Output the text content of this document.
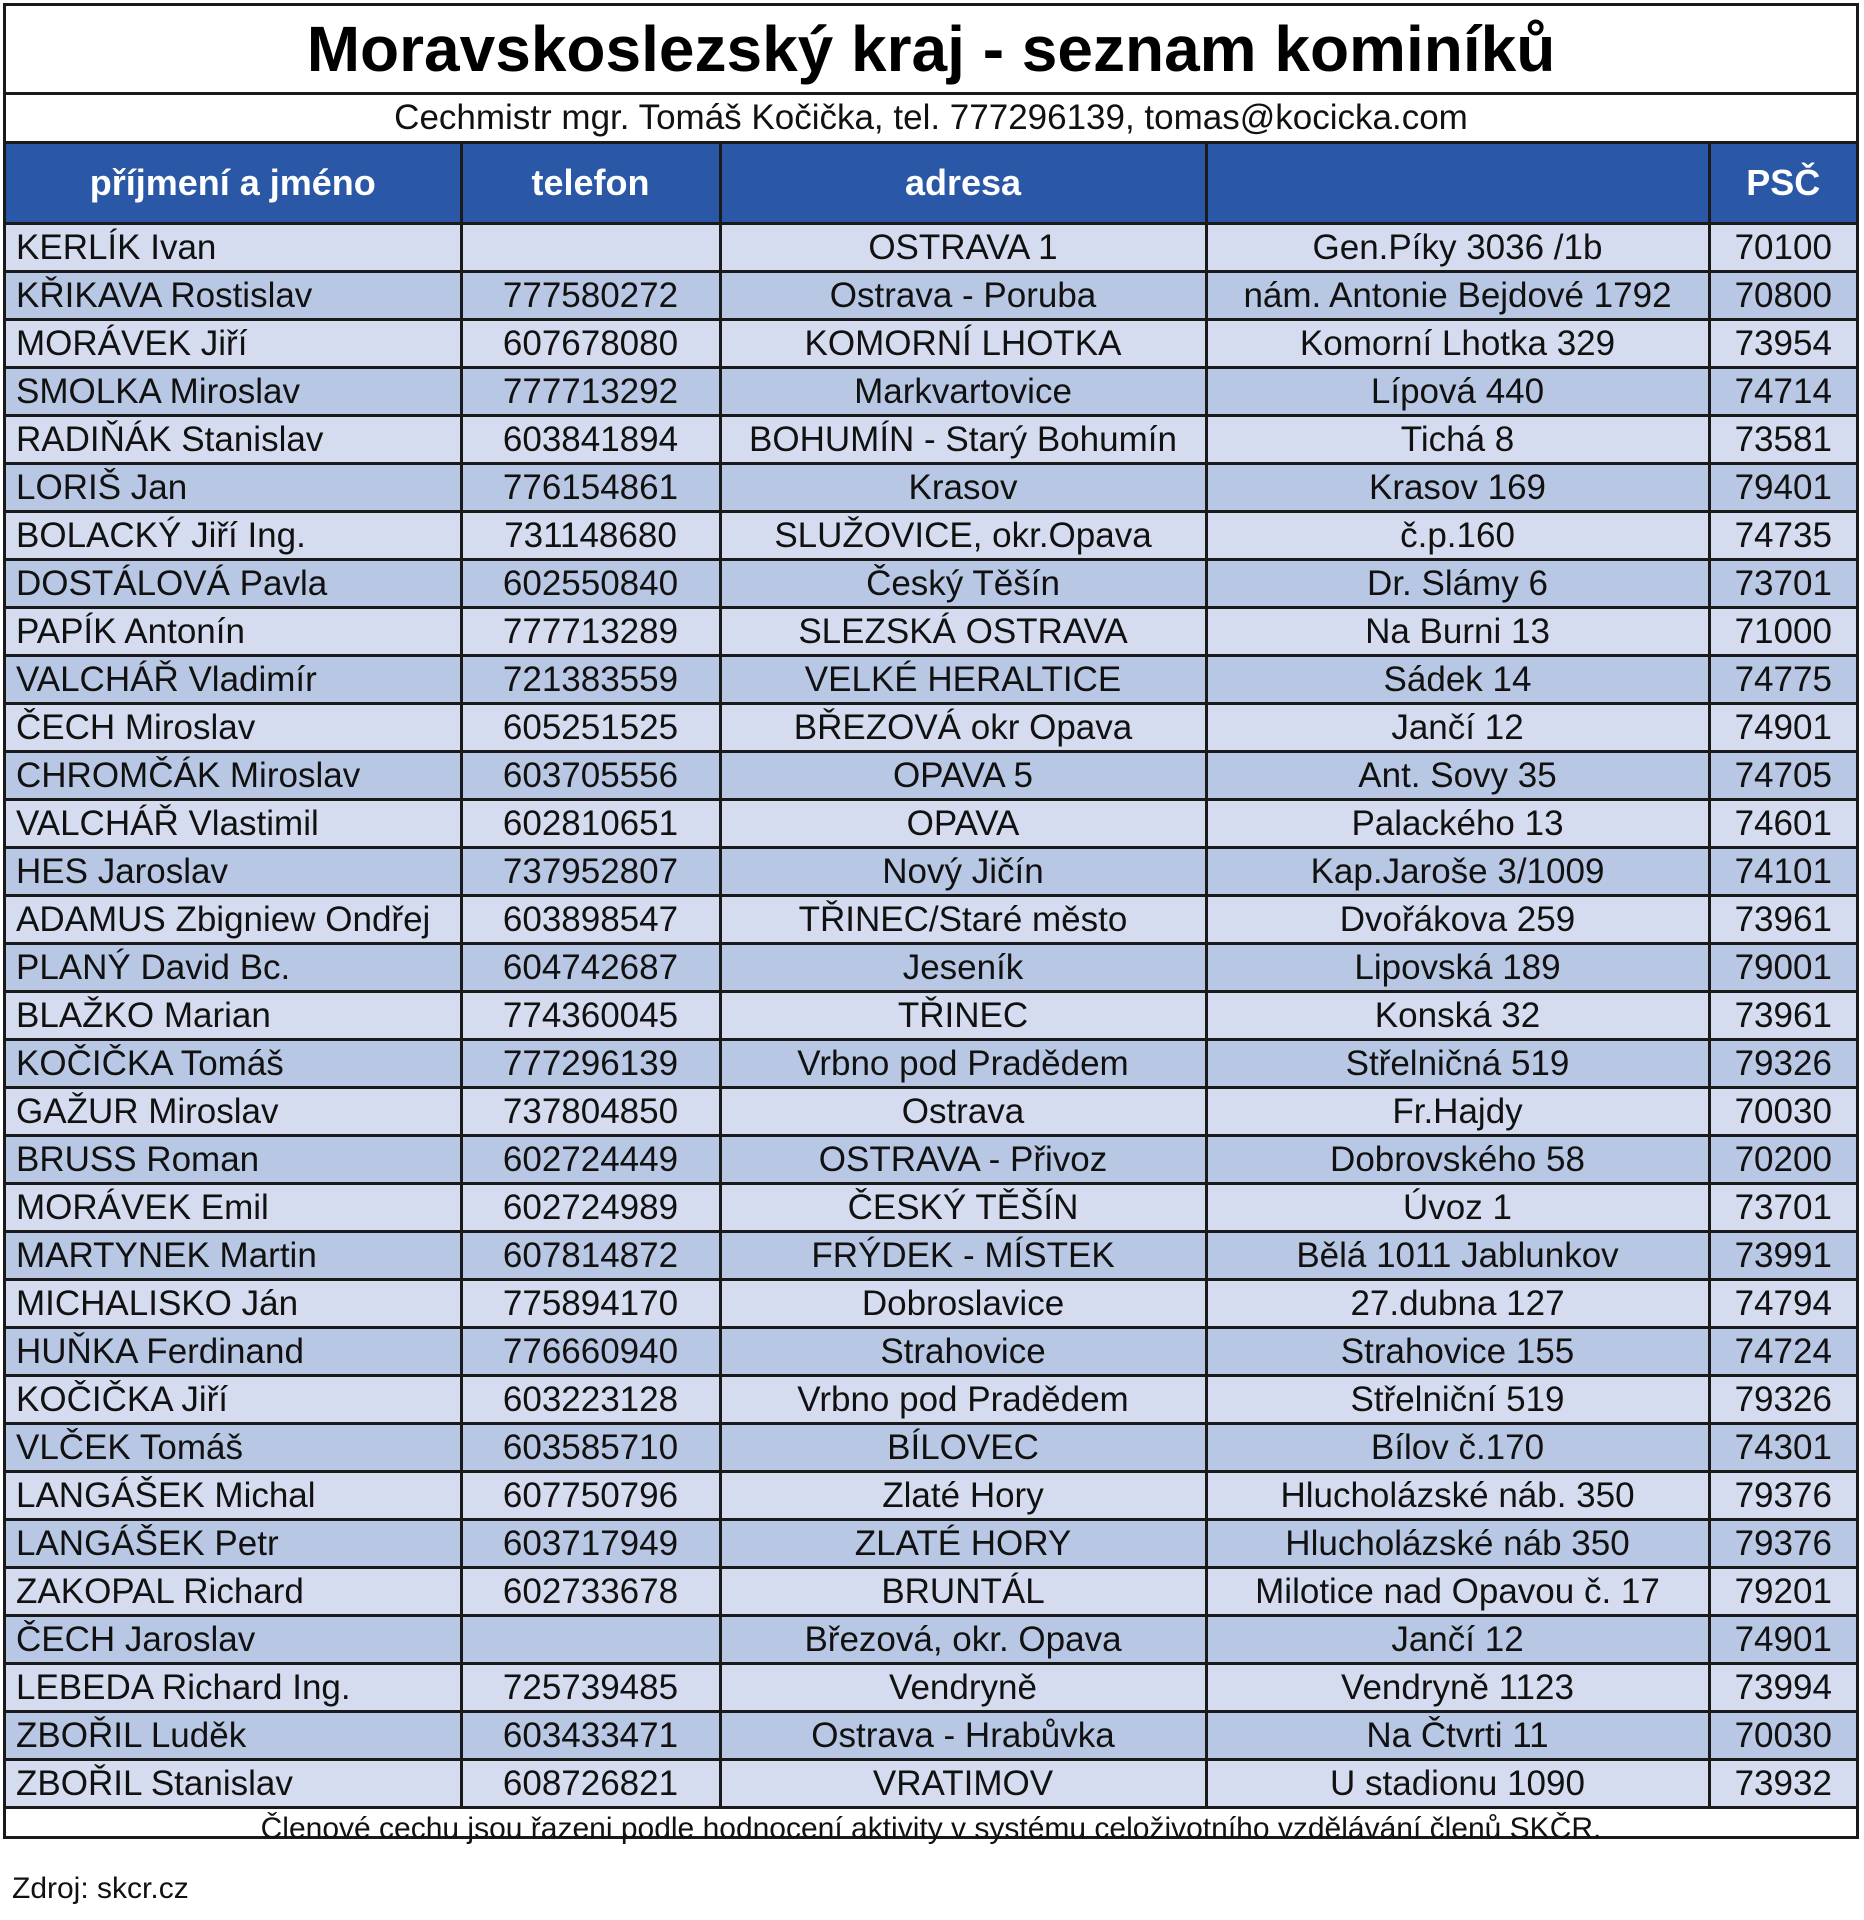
Moravskoslezský kraj - seznam kominíků
Cechmistr mgr. Tomáš Kočička, tel. 777296139, tomas@kocicka.com
příjmení a jméno	telefon	adresa		PSČ
KERLÍK Ivan		OSTRAVA 1	Gen.Píky 3036 /1b	70100
KŘIKAVA Rostislav	777580272	Ostrava - Poruba	nám. Antonie Bejdové 1792	70800
MORÁVEK Jiří	607678080	KOMORNÍ LHOTKA	Komorní Lhotka 329	73954
SMOLKA Miroslav	777713292	Markvartovice	Lípová 440	74714
RADIŇÁK Stanislav	603841894	BOHUMÍN - Starý Bohumín	Tichá 8	73581
LORIŠ Jan	776154861	Krasov	Krasov 169	79401
BOLACKÝ Jiří Ing.	731148680	SLUŽOVICE, okr.Opava	č.p.160	74735
DOSTÁLOVÁ Pavla	602550840	Český Těšín	Dr. Slámy 6	73701
PAPÍK Antonín	777713289	SLEZSKÁ OSTRAVA	Na Burni 13	71000
VALCHÁŘ Vladimír	721383559	VELKÉ HERALTICE	Sádek 14	74775
ČECH Miroslav	605251525	BŘEZOVÁ okr Opava	Jančí 12	74901
CHROMČÁK Miroslav	603705556	OPAVA 5	Ant. Sovy 35	74705
VALCHÁŘ Vlastimil	602810651	OPAVA	Palackého 13	74601
HES Jaroslav	737952807	Nový Jičín	Kap.Jaroše 3/1009	74101
ADAMUS Zbigniew Ondřej	603898547	TŘINEC/Staré město	Dvořákova 259	73961
PLANÝ David Bc.	604742687	Jeseník	Lipovská 189	79001
BLAŽKO Marian	774360045	TŘINEC	Konská 32	73961
KOČIČKA Tomáš	777296139	Vrbno pod Pradědem	Střelničná 519	79326
GAŽUR Miroslav	737804850	Ostrava	Fr.Hajdy	70030
BRUSS Roman	602724449	OSTRAVA - Přivoz	Dobrovského 58	70200
MORÁVEK Emil	602724989	ČESKÝ TĚŠÍN	Úvoz 1	73701
MARTYNEK Martin	607814872	FRÝDEK - MÍSTEK	Bělá 1011 Jablunkov	73991
MICHALISKO Ján	775894170	Dobroslavice	27.dubna 127	74794
HUŇKA Ferdinand	776660940	Strahovice	Strahovice 155	74724
KOČIČKA Jiří	603223128	Vrbno pod Pradědem	Střelniční 519	79326
VLČEK Tomáš	603585710	BÍLOVEC	Bílov č.170	74301
LANGÁŠEK Michal	607750796	Zlaté Hory	Hlucholázské náb. 350	79376
LANGÁŠEK Petr	603717949	ZLATÉ HORY	Hlucholázské náb 350	79376
ZAKOPAL Richard	602733678	BRUNTÁL	Milotice nad Opavou č. 17	79201
ČECH Jaroslav		Březová, okr. Opava	Jančí 12	74901
LEBEDA Richard Ing.	725739485	Vendryně	Vendryně 1123	73994
ZBOŘIL Luděk	603433471	Ostrava - Hrabůvka	Na Čtvrti 11	70030
ZBOŘIL Stanislav	608726821	VRATIMOV	U stadionu 1090	73932
Členové cechu jsou řazeni podle hodnocení aktivity v systému celoživotního vzdělávání členů SKČR.
Zdroj: skcr.cz
